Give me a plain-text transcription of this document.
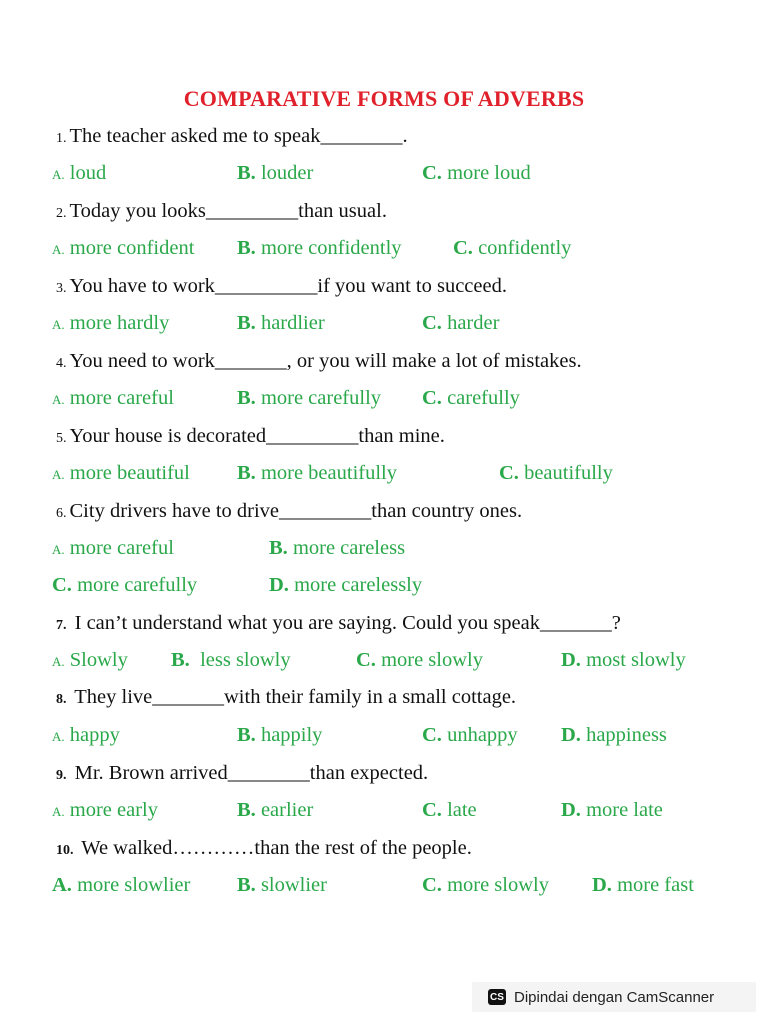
COMPARATIVE FORMS OF ADVERBS
1. The teacher asked me to speak________.
A. loud	B. louder	C. more loud
2. Today you looks_________than usual.
A. more confident B. more confidently	C. confidently
3. You have to work__________if you want to succeed.
A. more hardly	B. hardlier	C. harder
4. You need to work_______, or you will make a lot of mistakes.
A. more careful	B. more carefully C. carefully
5. Your house is decorated_________than mine.
A. more beautiful B. more beautifully	C. beautifully
6. City drivers have to drive_________than country ones.
A. more careful	B. more careless
C. more carefully	D. more carelessly
7. I can’t understand what you are saying. Could you speak_______?
A. Slowly B.  less slowly	C. more slowly	D. most slowly
8. They live_______with their family in a small cottage.
A. happy	B. happily	C. unhappy D. happiness
9. Mr. Brown arrived________than expected.
A. more early	B. earlier	C. late	D. more late
10. We walked…………than the rest of the people.
A. more slowlier B. slowlier	C. more slowly D. more fast
CS Dipindai dengan CamScanner
